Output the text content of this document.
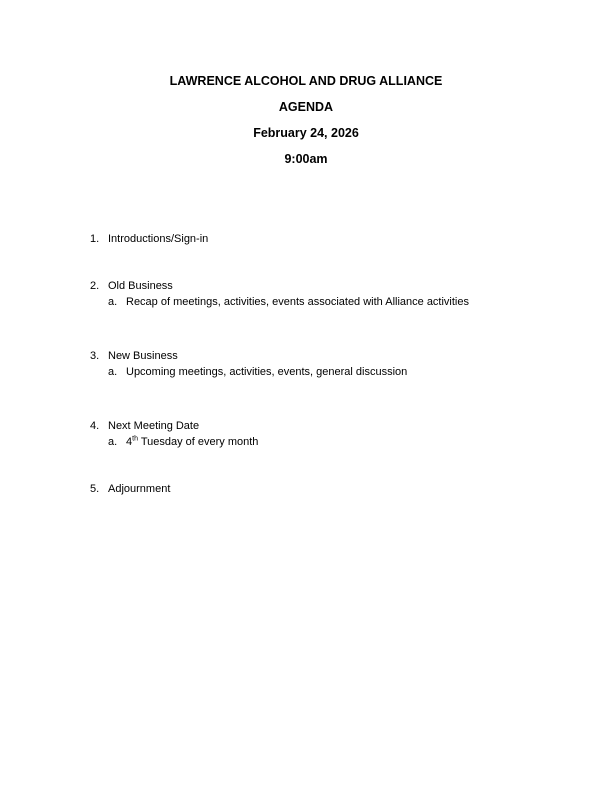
LAWRENCE ALCOHOL AND DRUG ALLIANCE
AGENDA
February 24, 2026
9:00am
1. Introductions/Sign-in
2. Old Business
a. Recap of meetings, activities, events associated with Alliance activities
3. New Business
a. Upcoming meetings, activities, events, general discussion
4. Next Meeting Date
a. 4th Tuesday of every month
5. Adjournment
